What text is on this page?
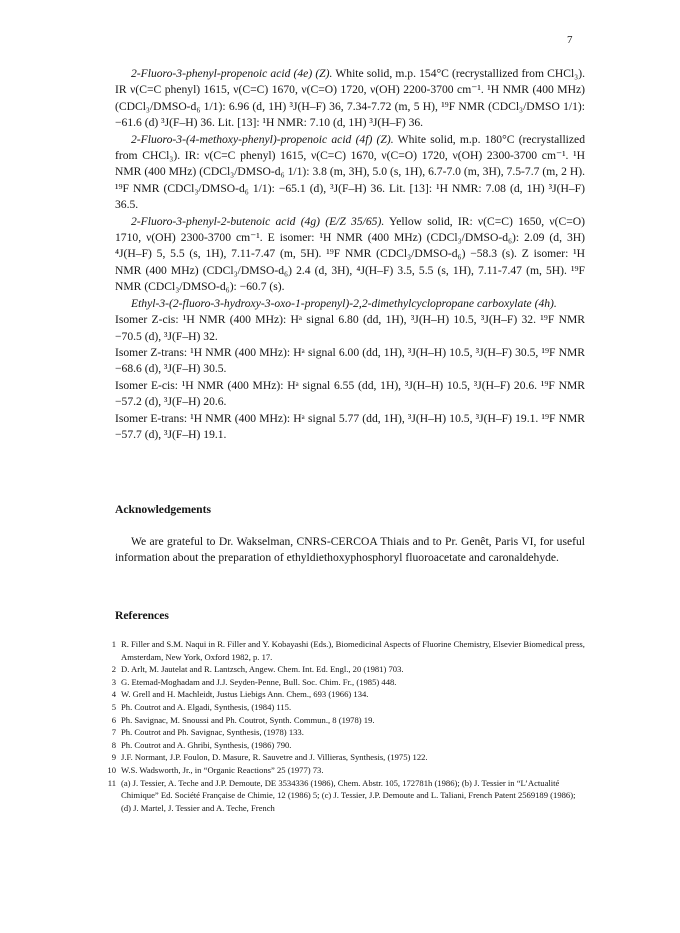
7

2-Fluoro-3-phenyl-propenoic acid (4e) (Z). White solid, m.p. 154°C (recrystallized from CHCl₃). IR ν(C=C phenyl) 1615, ν(C=C) 1670, ν(C=O) 1720, ν(OH) 2200-3700 cm⁻¹. ¹H NMR (400 MHz) (CDCl₃/DMSO-d₆ 1/1): 6.96 (d, 1H) ³J(H–F) 36, 7.34-7.72 (m, 5 H), ¹⁹F NMR (CDCl₃/DMSO 1/1): −61.6 (d) ³J(F–H) 36. Lit. [13]: ¹H NMR: 7.10 (d, 1H) ³J(H–F) 36.

2-Fluoro-3-(4-methoxy-phenyl)-propenoic acid (4f) (Z). White solid, m.p. 180°C (recrystallized from CHCl₃). IR: ν(C=C phenyl) 1615, ν(C=C) 1670, ν(C=O) 1720, ν(OH) 2300-3700 cm⁻¹. ¹H NMR (400 MHz) (CDCl₃/DMSO-d₆ 1/1): 3.8 (m, 3H), 5.0 (s, 1H), 6.7-7.0 (m, 3H), 7.5-7.7 (m, 2 H). ¹⁹F NMR (CDCl₃/DMSO-d₆ 1/1): −65.1 (d), ³J(F–H) 36. Lit. [13]: ¹H NMR: 7.08 (d, 1H) ³J(H–F) 36.5.

2-Fluoro-3-phenyl-2-butenoic acid (4g) (E/Z 35/65). Yellow solid, IR: ν(C=C) 1650, ν(C=O) 1710, ν(OH) 2300-3700 cm⁻¹. E isomer: ¹H NMR (400 MHz) (CDCl₃/DMSO-d₆): 2.09 (d, 3H) ⁴J(H–F) 5, 5.5 (s, 1H), 7.11-7.47 (m, 5H). ¹⁹F NMR (CDCl₃/DMSO-d₆) −58.3 (s). Z isomer: ¹H NMR (400 MHz) (CDCl₃/DMSO-d₆) 2.4 (d, 3H), ⁴J(H–F) 3.5, 5.5 (s, 1H), 7.11-7.47 (m, 5H). ¹⁹F NMR (CDCl₃/DMSO-d₆): −60.7 (s).

Ethyl-3-(2-fluoro-3-hydroxy-3-oxo-1-propenyl)-2,2-dimethylcyclopropane carboxylate (4h).

Isomer Z-cis: ¹H NMR (400 MHz): Hᵃ signal 6.80 (dd, 1H), ³J(H–H) 10.5, ³J(H–F) 32. ¹⁹F NMR −70.5 (d), ³J(F–H) 32.

Isomer Z-trans: ¹H NMR (400 MHz): Hᵃ signal 6.00 (dd, 1H), ³J(H–H) 10.5, ³J(H–F) 30.5, ¹⁹F NMR −68.6 (d), ³J(F–H) 30.5.

Isomer E-cis: ¹H NMR (400 MHz): Hᵃ signal 6.55 (dd, 1H), ³J(H–H) 10.5, ³J(H–F) 20.6. ¹⁹F NMR −57.2 (d), ³J(F–H) 20.6.

Isomer E-trans: ¹H NMR (400 MHz): Hᵃ signal 5.77 (dd, 1H), ³J(H–H) 10.5, ³J(H–F) 19.1. ¹⁹F NMR −57.7 (d), ³J(F–H) 19.1.

Acknowledgements

We are grateful to Dr. Wakselman, CNRS-CERCOA Thiais and to Pr. Genêt, Paris VI, for useful information about the preparation of ethyldiethoxyphosphoryl fluoroacetate and caronaldehyde.

References

1 R. Filler and S.M. Naqui in R. Filler and Y. Kobayashi (Eds.), Biomedicinal Aspects of Fluorine Chemistry, Elsevier Biomedical press, Amsterdam, New York, Oxford 1982, p. 17.
2 D. Arlt, M. Jautelat and R. Lantzsch, Angew. Chem. Int. Ed. Engl., 20 (1981) 703.
3 G. Etemad-Moghadam and J.J. Seyden-Penne, Bull. Soc. Chim. Fr., (1985) 448.
4 W. Grell and H. Machleidt, Justus Liebigs Ann. Chem., 693 (1966) 134.
5 Ph. Coutrot and A. Elgadi, Synthesis, (1984) 115.
6 Ph. Savignac, M. Snoussi and Ph. Coutrot, Synth. Commun., 8 (1978) 19.
7 Ph. Coutrot and Ph. Savignac, Synthesis, (1978) 133.
8 Ph. Coutrot and A. Ghribi, Synthesis, (1986) 790.
9 J.F. Normant, J.P. Foulon, D. Masure, R. Sauvetre and J. Villieras, Synthesis, (1975) 122.
10 W.S. Wadsworth, Jr., in “Organic Reactions” 25 (1977) 73.
11 (a) J. Tessier, A. Teche and J.P. Demoute, DE 3534336 (1986), Chem. Abstr. 105, 172781h (1986); (b) J. Tessier in “L’Actualité Chimique” Ed. Société Française de Chimie, 12 (1986) 5; (c) J. Tessier, J.P. Demoute and L. Taliani, French Patent 2569189 (1986); (d) J. Martel, J. Tessier and A. Teche, French
